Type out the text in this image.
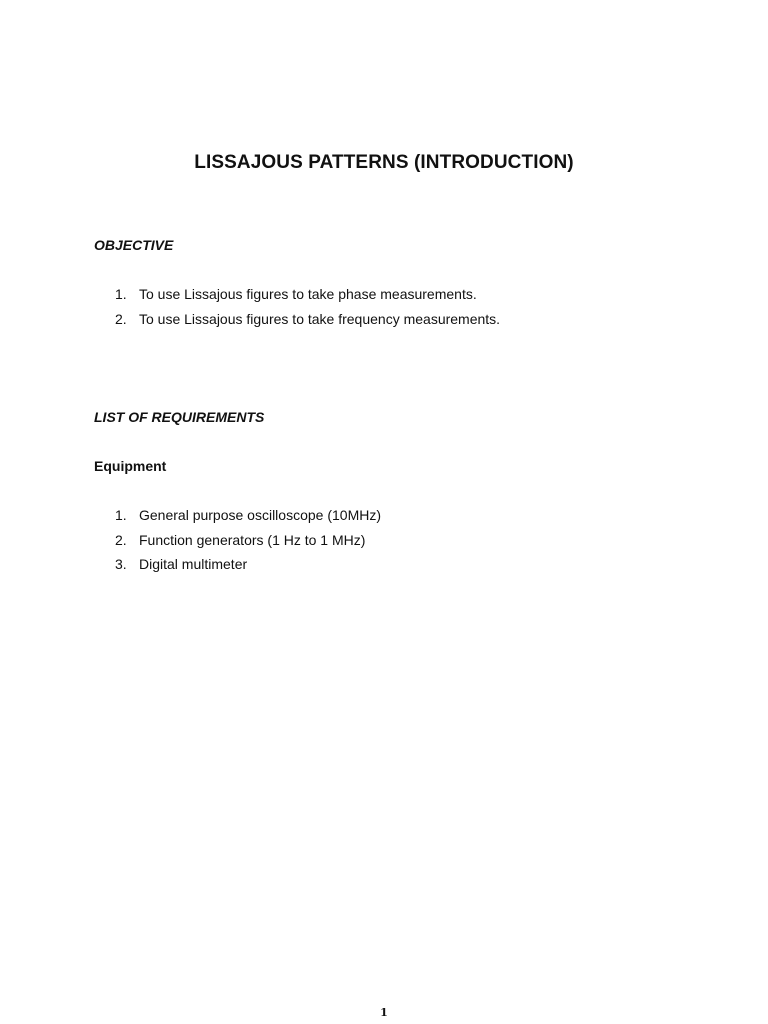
LISSAJOUS PATTERNS (INTRODUCTION)
OBJECTIVE
1. To use Lissajous figures to take phase measurements.
2. To use Lissajous figures to take frequency measurements.
LIST OF REQUIREMENTS
Equipment
1. General purpose oscilloscope (10MHz)
2. Function generators (1 Hz to 1 MHz)
3. Digital multimeter
1
